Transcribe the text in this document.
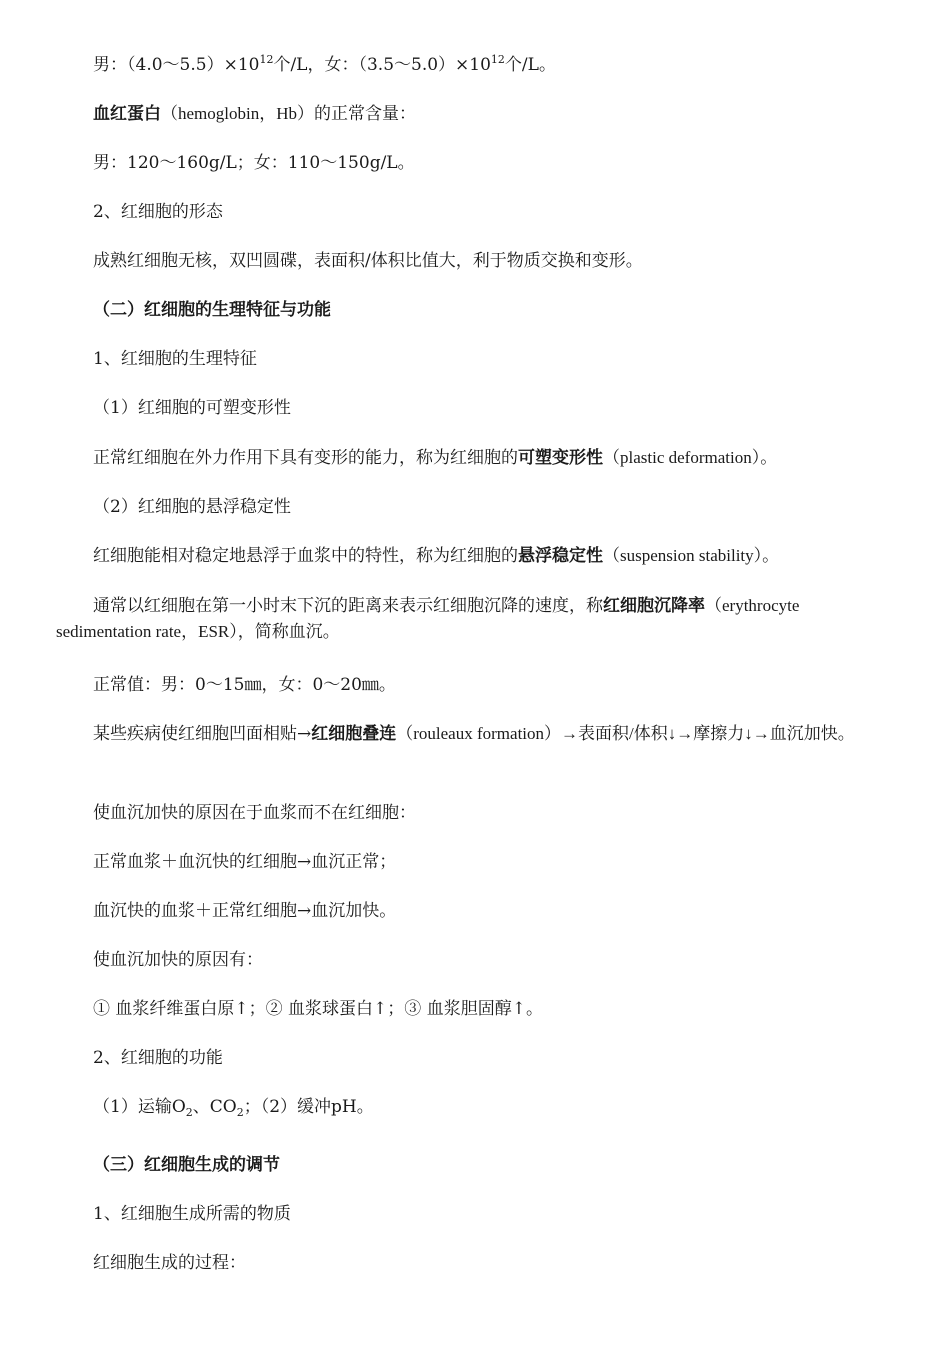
男：$(4.0\sim 5.5)\times 10^{12}$个/L，女：$(3.5\sim 5.0)\times 10^{12}$个/L。
血红蛋白（hemoglobin，Hb）的正常含量：
男：120～160g/L；女：110～150g/L。
2、红细胞的形态
成熟红细胞无核，双凹圆碟，表面积/体积比值大，利于物质交换和变形。
（二）红细胞的生理特征与功能
1、红细胞的生理特征
（1）红细胞的可塑变形性
正常红细胞在外力作用下具有变形的能力，称为红细胞的可塑变形性（plastic deformation）。
（2）红细胞的悬浮稳定性
红细胞能相对稳定地悬浮于血浆中的特性，称为红细胞的悬浮稳定性（suspension stability）。
通常以红细胞在第一小时末下沉的距离来表示红细胞沉降的速度，称红细胞沉降率（erythrocyte sedimentation rate，ESR），简称血沉。
正常值：男：0～15㎜，女：0～20㎜。
某些疾病使红细胞凹面相贴→红细胞叠连（rouleaux formation）→表面积/体积↓→摩擦力↓→血沉加快。
使血沉加快的原因在于血浆而不在红细胞：
正常血浆＋血沉快的红细胞→血沉正常；
血沉快的血浆＋正常红细胞→血沉加快。
使血沉加快的原因有：
① 血浆纤维蛋白原↑；② 血浆球蛋白↑；③ 血浆胆固醇↑。
2、红细胞的功能
（1）运输$O_2$、$CO_2$；（2）缓冲pH。
（三）红细胞生成的调节
1、红细胞生成所需的物质
红细胞生成的过程：
